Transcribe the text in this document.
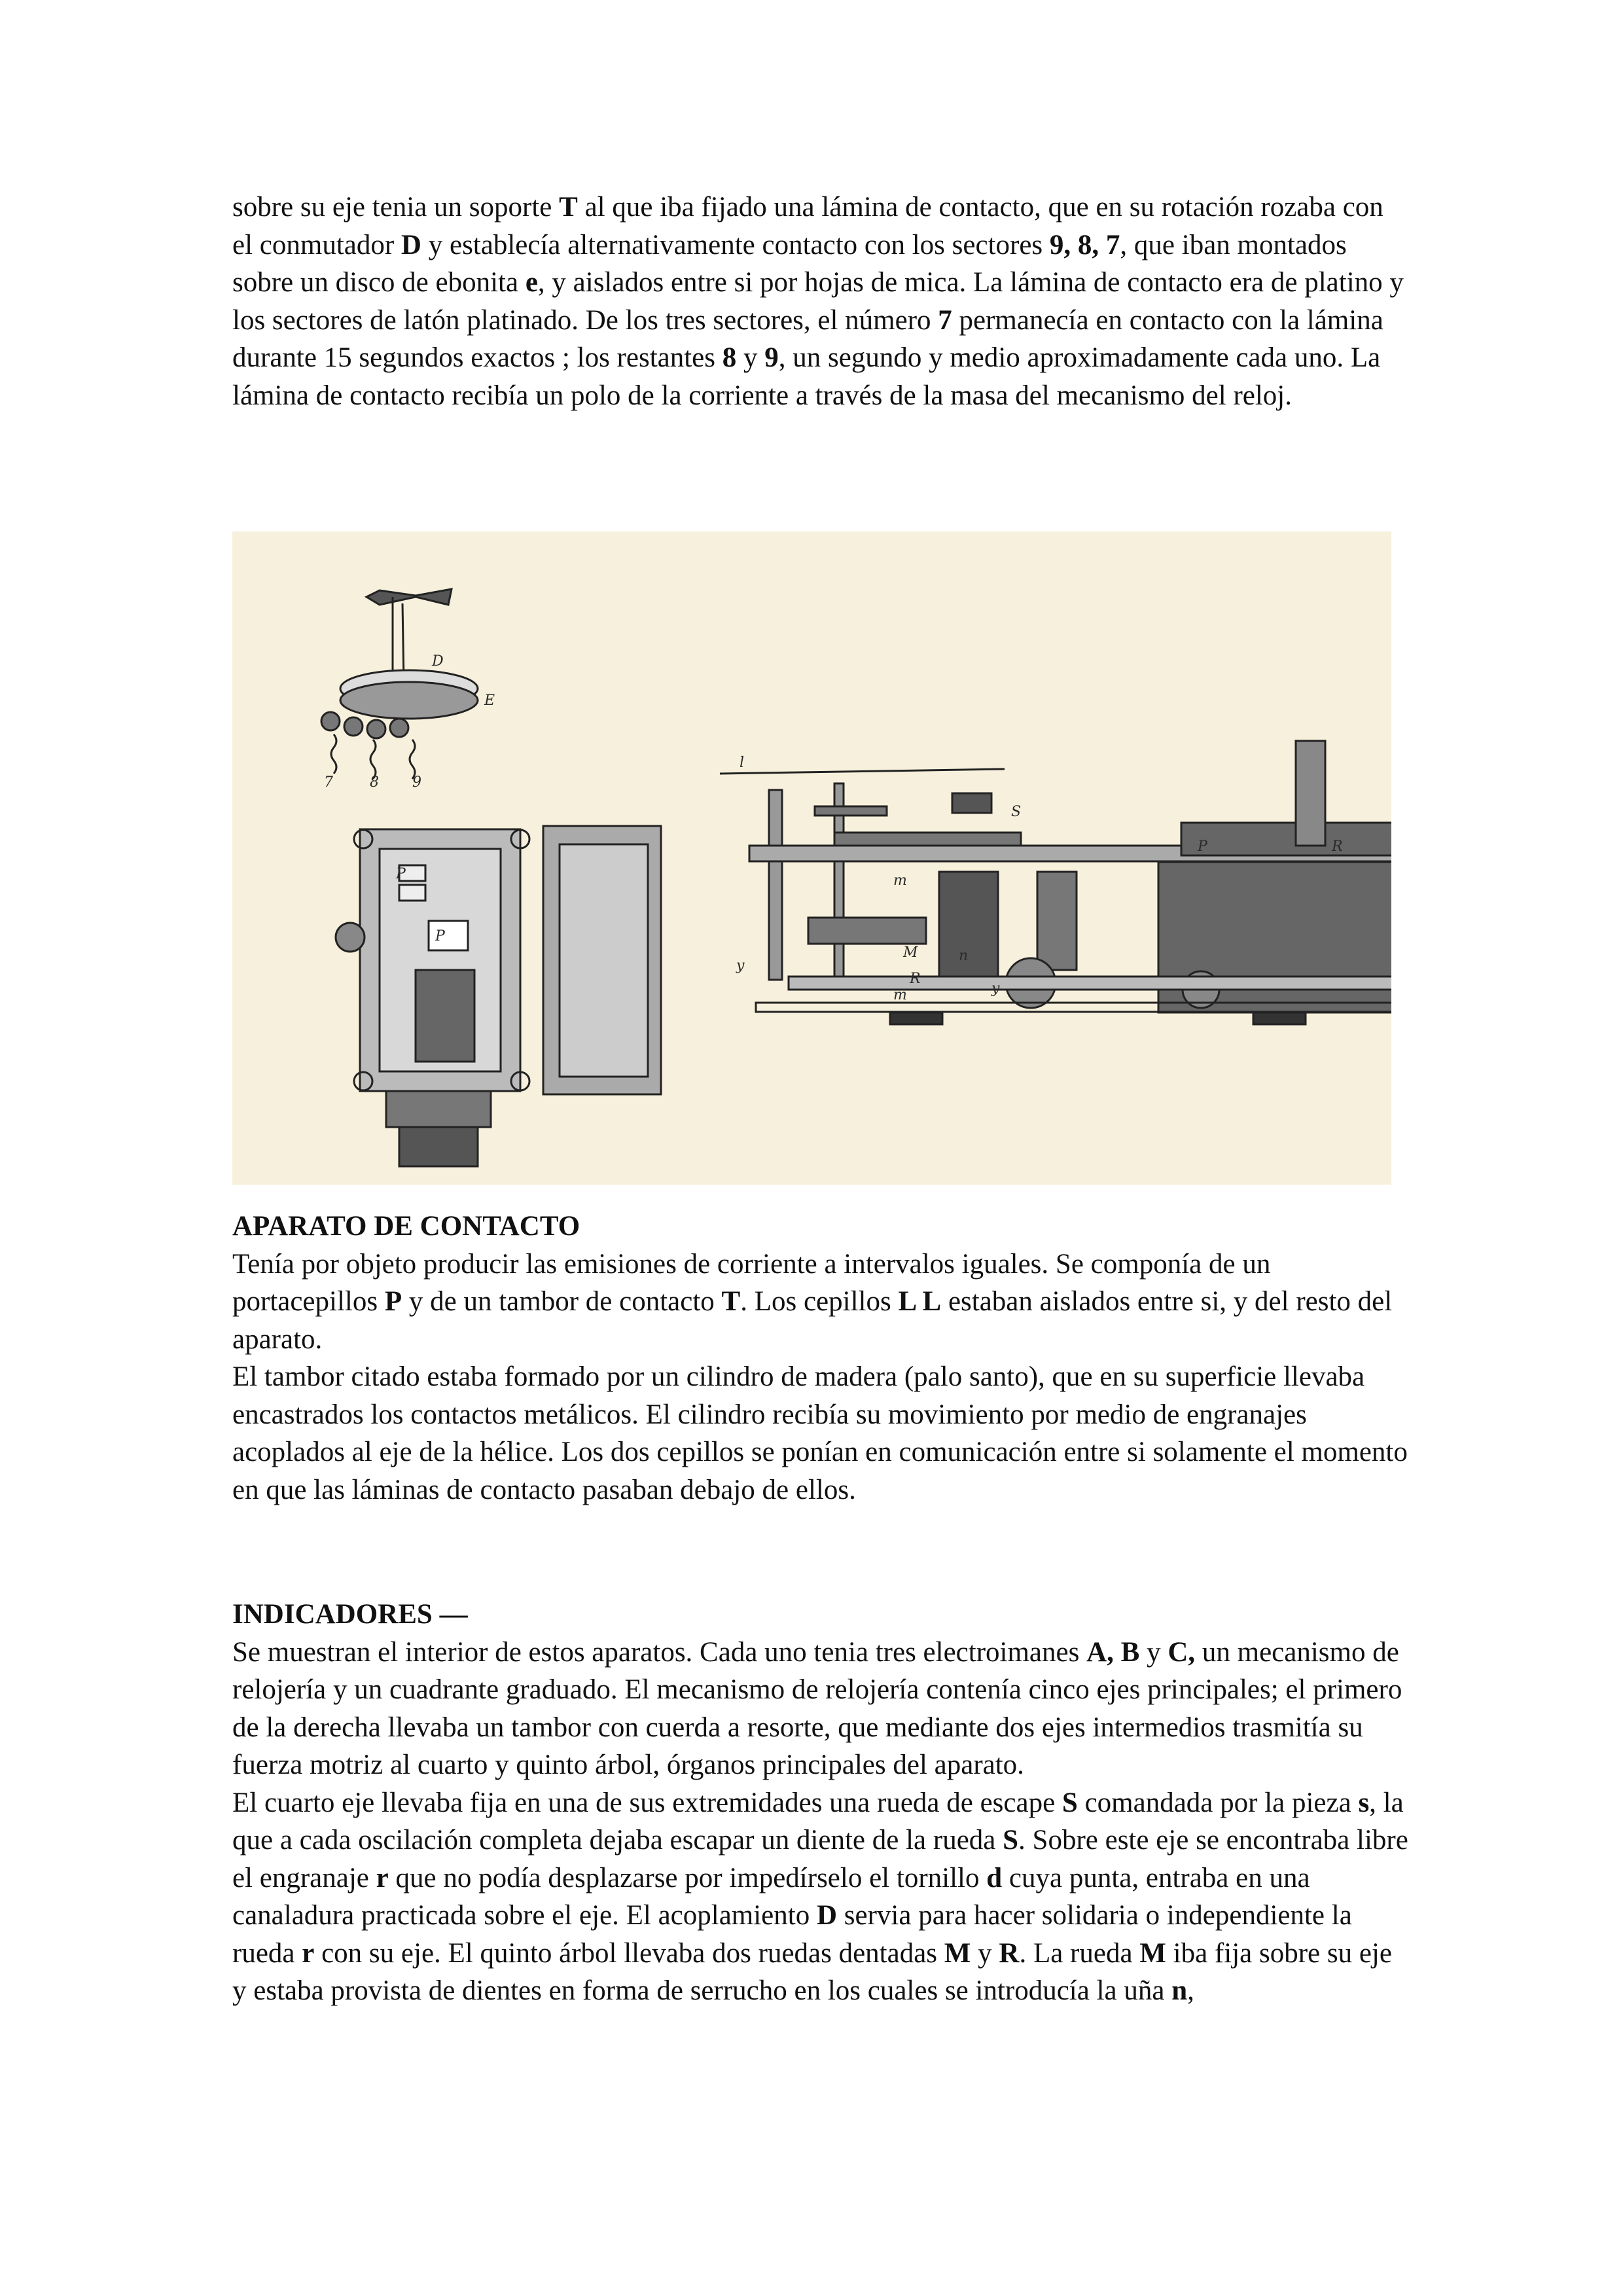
sobre su eje tenia un soporte T al que iba fijado una lámina de contacto, que en su rotación rozaba con el conmutador D y establecía alternativamente contacto con los sectores 9, 8, 7, que iban montados sobre un disco de ebonita e, y aislados entre si por hojas de mica. La lámina de contacto era de platino y los sectores de latón platinado. De los tres sectores, el número 7 permanecía en contacto con la lámina durante 15 segundos exactos ; los restantes 8 y 9, un segundo y medio aproximadamente cada uno. La lámina de contacto recibía un polo de la corriente a través de la masa del mecanismo del reloj.

D
E
7	8 9
P
P
l
S
P	R
M
R
n
y
m
m
y

APARATO DE CONTACTO

Tenía por objeto producir las emisiones de corriente a intervalos iguales. Se componía de un portacepillos P y de un tambor de contacto T. Los cepillos L L estaban aislados entre si, y del resto del aparato.

El tambor citado estaba formado por un cilindro de madera (palo santo), que en su superficie llevaba encastrados los contactos metálicos. El cilindro recibía su movimiento por medio de engranajes acoplados al eje de la hélice. Los dos cepillos se ponían en comunicación entre si solamente el momento en que las láminas de contacto pasaban debajo de ellos.

INDICADORES —

Se muestran el interior de estos aparatos. Cada uno tenia tres electroimanes A, B y C, un mecanismo de relojería y un cuadrante graduado. El mecanismo de relojería contenía cinco ejes principales; el primero de la derecha llevaba un tambor con cuerda a resorte, que mediante dos ejes intermedios trasmitía su fuerza motriz al cuarto y quinto árbol, órganos principales del aparato.

El cuarto eje llevaba fija en una de sus extremidades una rueda de escape S comandada por la pieza s, la que a cada oscilación completa dejaba escapar un diente de la rueda S. Sobre este eje se encontraba libre el engranaje r que no podía desplazarse por impedírselo el tornillo d cuya punta, entraba en una canaladura practicada sobre el eje. El acoplamiento D servia para hacer solidaria o independiente la rueda r con su eje. El quinto árbol llevaba dos ruedas dentadas M y R. La rueda M iba fija sobre su eje y estaba provista de dientes en forma de serrucho en los cuales se introducía la uña n,
